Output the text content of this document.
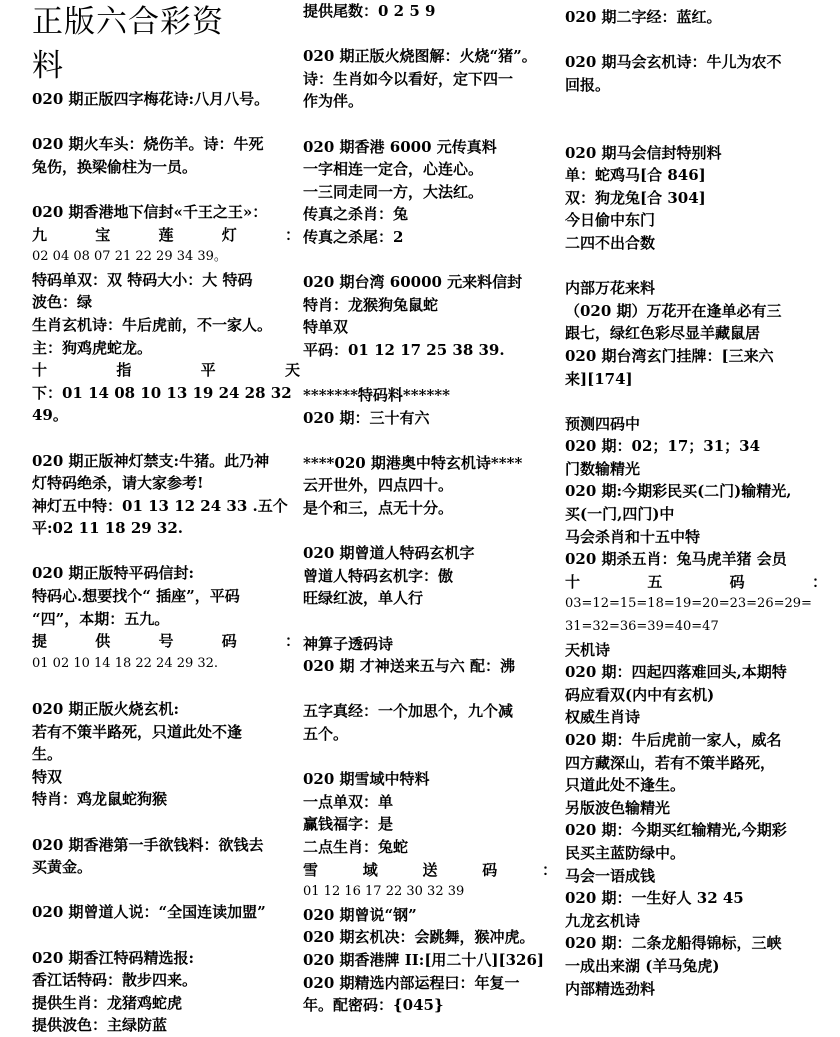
正版六合彩资
料
020 期正版四字梅花诗:八月八号。
020 期火车头：烧伤羊。诗：牛死
兔伤，换梁偷柱为一员。
020 期香港地下信封«千王之王»：
九	宝	莲	灯	：
02 04 08 07 21 22 29 34 39。
特码单双：双 特码大小：大 特码
波色：绿
生肖玄机诗：牛后虎前，不一家人。
主：狗鸡虎蛇龙。
十	指	平	天
下：01 14 08 10 13 19 24 28 32 49。
020 期正版神灯禁支:牛猪。此乃神
灯特码绝杀，请大家参考!
神灯五中特：01 13 12 24 33 .五个
平:02 11 18 29 32.
020 期正版特平码信封:
特码心.想要找个“ 插座”，平码
“四”，本期：五九。
提	供	号	码	：
01 02 10 14 18 22 24 29 32.
020 期正版火烧玄机:
若有不策半路死，只道此处不逢
生。
特双
特肖：鸡龙鼠蛇狗猴
020 期香港第一手欲钱料：欲钱去
买黄金。
020 期曾道人说：“全国连读加盟”
020 期香江特码精选报:
香江话特码：散步四来。
提供生肖：龙猪鸡蛇虎
提供波色：主绿防蓝
提供尾数：0 2 5 9
020 期正版火烧图解：火烧“猪”。
诗：生肖如今以看好，定下四一
作为伴。
020 期香港 6000 元传真料
一字相连一定合，心连心。
一三同走同一方，大法红。
传真之杀肖：兔
传真之杀尾：2
020 期台湾 60000 元来料信封
特肖：龙猴狗兔鼠蛇
特单双
平码：01 12 17 25 38 39.
*******特码料******
020 期：三十有六
****020 期港奥中特玄机诗****
云开世外，四点四十。
是个和三，点无十分。
020 期曾道人特码玄机字
曾道人特码玄机字：傲
旺绿红波，单人行
神算子透码诗
020 期 才神送来五与六 配：沸
五字真经：一个加思个，九个减
五个。
020 期雪域中特料
一点单双：单
赢钱福字：是
二点生肖：兔蛇
雪	域	送	码	：
01 12 16 17 22 30 32 39
020 期曾说“钢”
020 期玄机决：会跳舞，猴冲虎。
020 期香港牌 II:[用二十八][326]
020 期精选内部运程曰：年复一
年。配密码：{045}
020 期二字经：蓝红。
020 期马会玄机诗：牛儿为农不
回报。
020 期马会信封特别料
单：蛇鸡马[合 846]
双：狗龙兔[合 304]
今日偷中东门
二四不出合数
内部万花来料
（020 期）万花开在逢单必有三
跟七，绿红色彩尽显羊藏鼠居
020 期台湾玄门挂牌：[三来六
来][174]
预测四码中
020 期：02；17；31；34
门数输精光
020 期:今期彩民买(二门)输精光,
买(一门,四门)中
马会杀肖和十五中特
020 期杀五肖：兔马虎羊猪 会员
十	五	码	：
03=12=15=18=19=20=23=26=29=
31=32=36=39=40=47
天机诗
020 期：四起四落难回头,本期特
码应看双(内中有玄机)
权威生肖诗
020 期：牛后虎前一家人，威名
四方藏深山，若有不策半路死，
只道此处不逢生。
另版波色输精光
020 期：今期买红输精光,今期彩
民买主蓝防绿中。
马会一语成钱
020 期：一生好人 32 45
九龙玄机诗
020 期：二条龙船得锦标，三峡
一成出来湖 (羊马兔虎)
内部精选劲料
